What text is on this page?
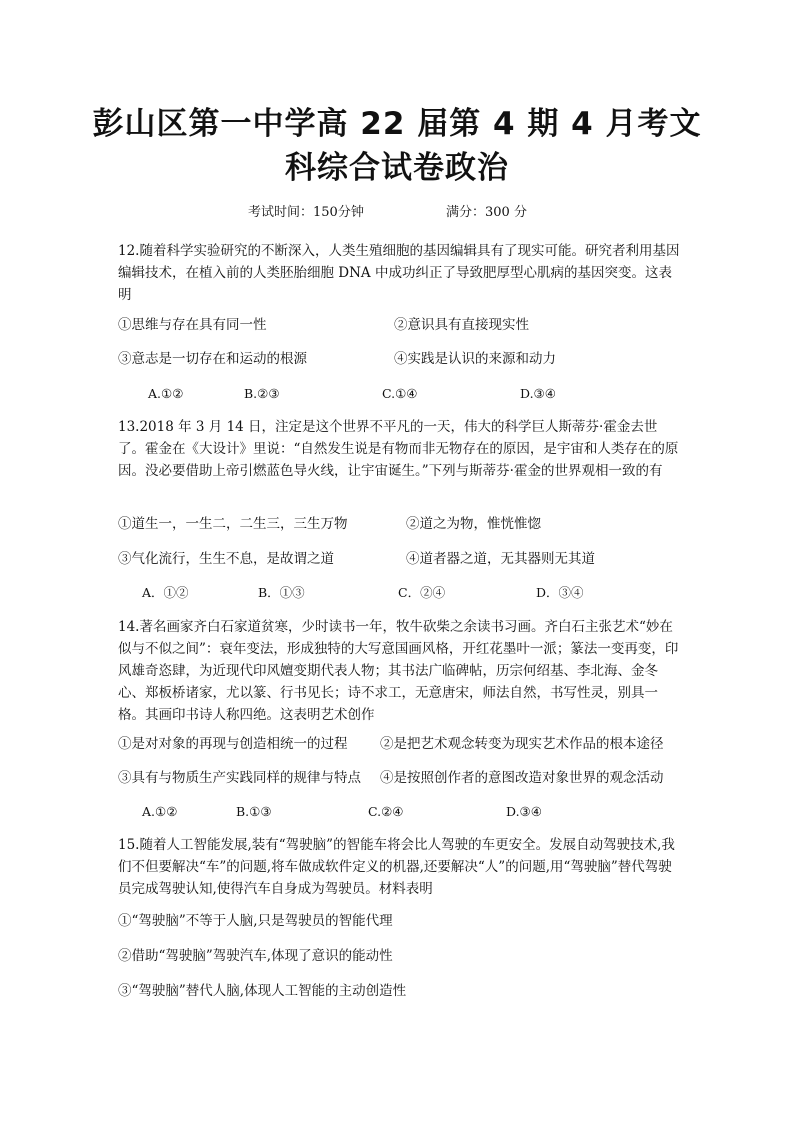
彭山区第一中学高 22 届第 4 期 4 月考文
科综合试卷政治
考试时间：150分钟	满分：300 分
12.随着科学实验研究的不断深入，人类生殖细胞的基因编辑具有了现实可能。研究者利用基因编辑技术，在植入前的人类胚胎细胞 DNA 中成功纠正了导致肥厚型心肌病的基因突变。这表明
①思维与存在具有同一性	②意识具有直接现实性
③意志是一切存在和运动的根源	④实践是认识的来源和动力
A.①②	B.②③	C.①④	D.③④
13.2018 年 3 月 14 日，注定是这个世界不平凡的一天，伟大的科学巨人斯蒂芬·霍金去世了。霍金在《大设计》里说：“自然发生说是有物而非无物存在的原因，是宇宙和人类存在的原因。没必要借助上帝引燃蓝色导火线，让宇宙诞生。”下列与斯蒂芬·霍金的世界观相一致的有
①道生一，一生二，二生三，三生万物	②道之为物，惟恍惟惚
③气化流行，生生不息，是故谓之道	④道者器之道，无其器则无其道
A．①②	B．①③	C．②④	D．③④
14.著名画家齐白石家道贫寒，少时读书一年，牧牛砍柴之余读书习画。齐白石主张艺术“妙在似与不似之间”：衰年变法，形成独特的大写意国画风格，开红花墨叶一派；篆法一变再变，印风雄奇恣肆，为近现代印风嬗变期代表人物；其书法广临碑帖，历宗何绍基、李北海、金冬心、郑板桥诸家，尤以篆、行书见长；诗不求工，无意唐宋，师法自然，书写性灵，别具一格。其画印书诗人称四绝。这表明艺术创作
①是对对象的再现与创造相统一的过程 ②是把艺术观念转变为现实艺术作品的根本途径
③具有与物质生产实践同样的规律与特点 ④是按照创作者的意图改造对象世界的观念活动
A.①②	B.①③	C.②④	D.③④
15.随着人工智能发展,装有“驾驶脑”的智能车将会比人驾驶的车更安全。发展自动驾驶技术,我们不但要解决“车”的问题,将车做成软件定义的机器,还要解决“人”的问题,用“驾驶脑”替代驾驶员完成驾驶认知,使得汽车自身成为驾驶员。材料表明
①“驾驶脑”不等于人脑,只是驾驶员的智能代理
②借助“驾驶脑”驾驶汽车,体现了意识的能动性
③“驾驶脑”替代人脑,体现人工智能的主动创造性
